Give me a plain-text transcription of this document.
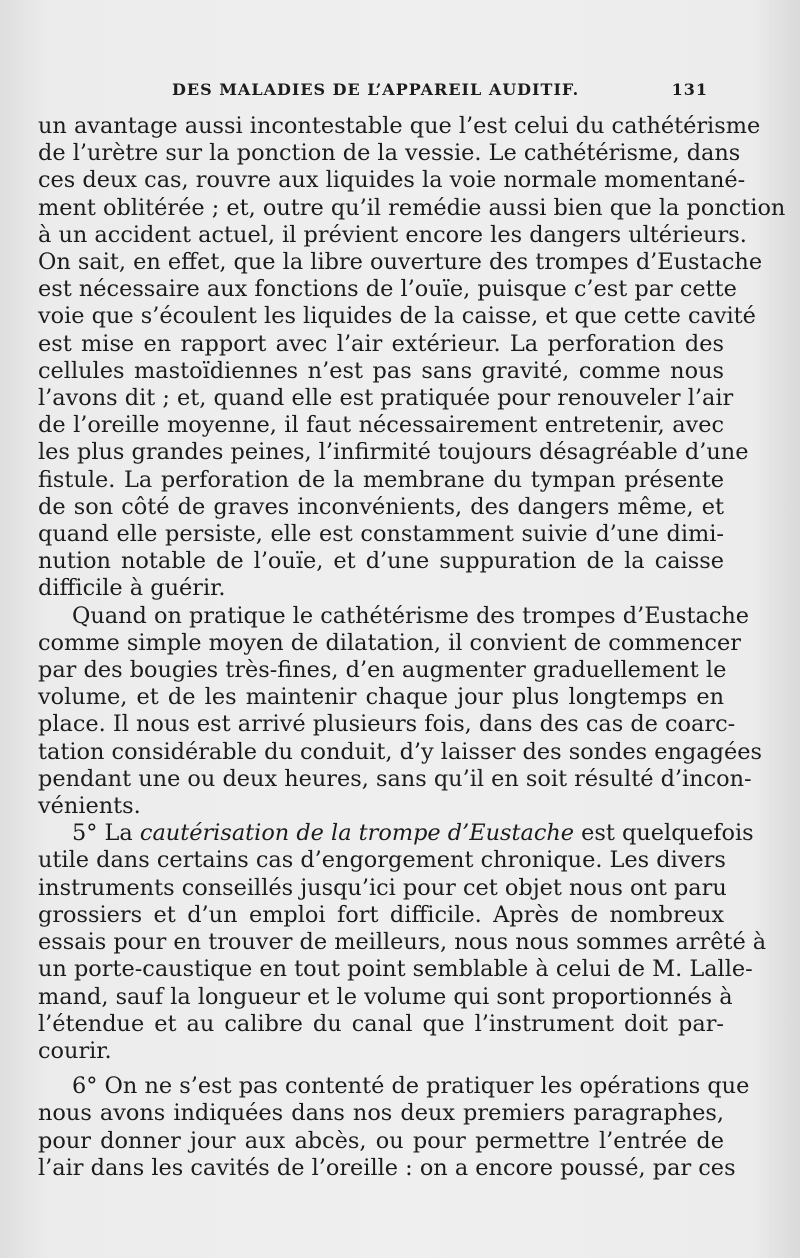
DES MALADIES DE L’APPAREIL AUDITIF.	131
un avantage aussi incontestable que l’est celui du cathétérisme
de l’urètre sur la ponction de la vessie. Le cathétérisme, dans
ces deux cas, rouvre aux liquides la voie normale momentané-
ment oblitérée ; et, outre qu’il remédie aussi bien que la ponction
à un accident actuel, il prévient encore les dangers ultérieurs.
On sait, en effet, que la libre ouverture des trompes d’Eustache
est nécessaire aux fonctions de l’ouïe, puisque c’est par cette
voie que s’écoulent les liquides de la caisse, et que cette cavité
est mise en rapport avec l’air extérieur. La perforation des
cellules mastoïdiennes n’est pas sans gravité, comme nous
l’avons dit ; et, quand elle est pratiquée pour renouveler l’air
de l’oreille moyenne, il faut nécessairement entretenir, avec
les plus grandes peines, l’infirmité toujours désagréable d’une
fistule. La perforation de la membrane du tympan présente
de son côté de graves inconvénients, des dangers même, et
quand elle persiste, elle est constamment suivie d’une dimi-
nution notable de l’ouïe, et d’une suppuration de la caisse
difficile à guérir.
Quand on pratique le cathétérisme des trompes d’Eustache
comme simple moyen de dilatation, il convient de commencer
par des bougies très-fines, d’en augmenter graduellement le
volume, et de les maintenir chaque jour plus longtemps en
place. Il nous est arrivé plusieurs fois, dans des cas de coarc-
tation considérable du conduit, d’y laisser des sondes engagées
pendant une ou deux heures, sans qu’il en soit résulté d’incon-
vénients.
5° La cautérisation de la trompe d’Eustache est quelquefois
utile dans certains cas d’engorgement chronique. Les divers
instruments conseillés jusqu’ici pour cet objet nous ont paru
grossiers et d’un emploi fort difficile. Après de nombreux
essais pour en trouver de meilleurs, nous nous sommes arrêté à
un porte-caustique en tout point semblable à celui de M. Lalle-
mand, sauf la longueur et le volume qui sont proportionnés à
l’étendue et au calibre du canal que l’instrument doit par-
courir.
6° On ne s’est pas contenté de pratiquer les opérations que
nous avons indiquées dans nos deux premiers paragraphes,
pour donner jour aux abcès, ou pour permettre l’entrée de
l’air dans les cavités de l’oreille : on a encore poussé, par ces
